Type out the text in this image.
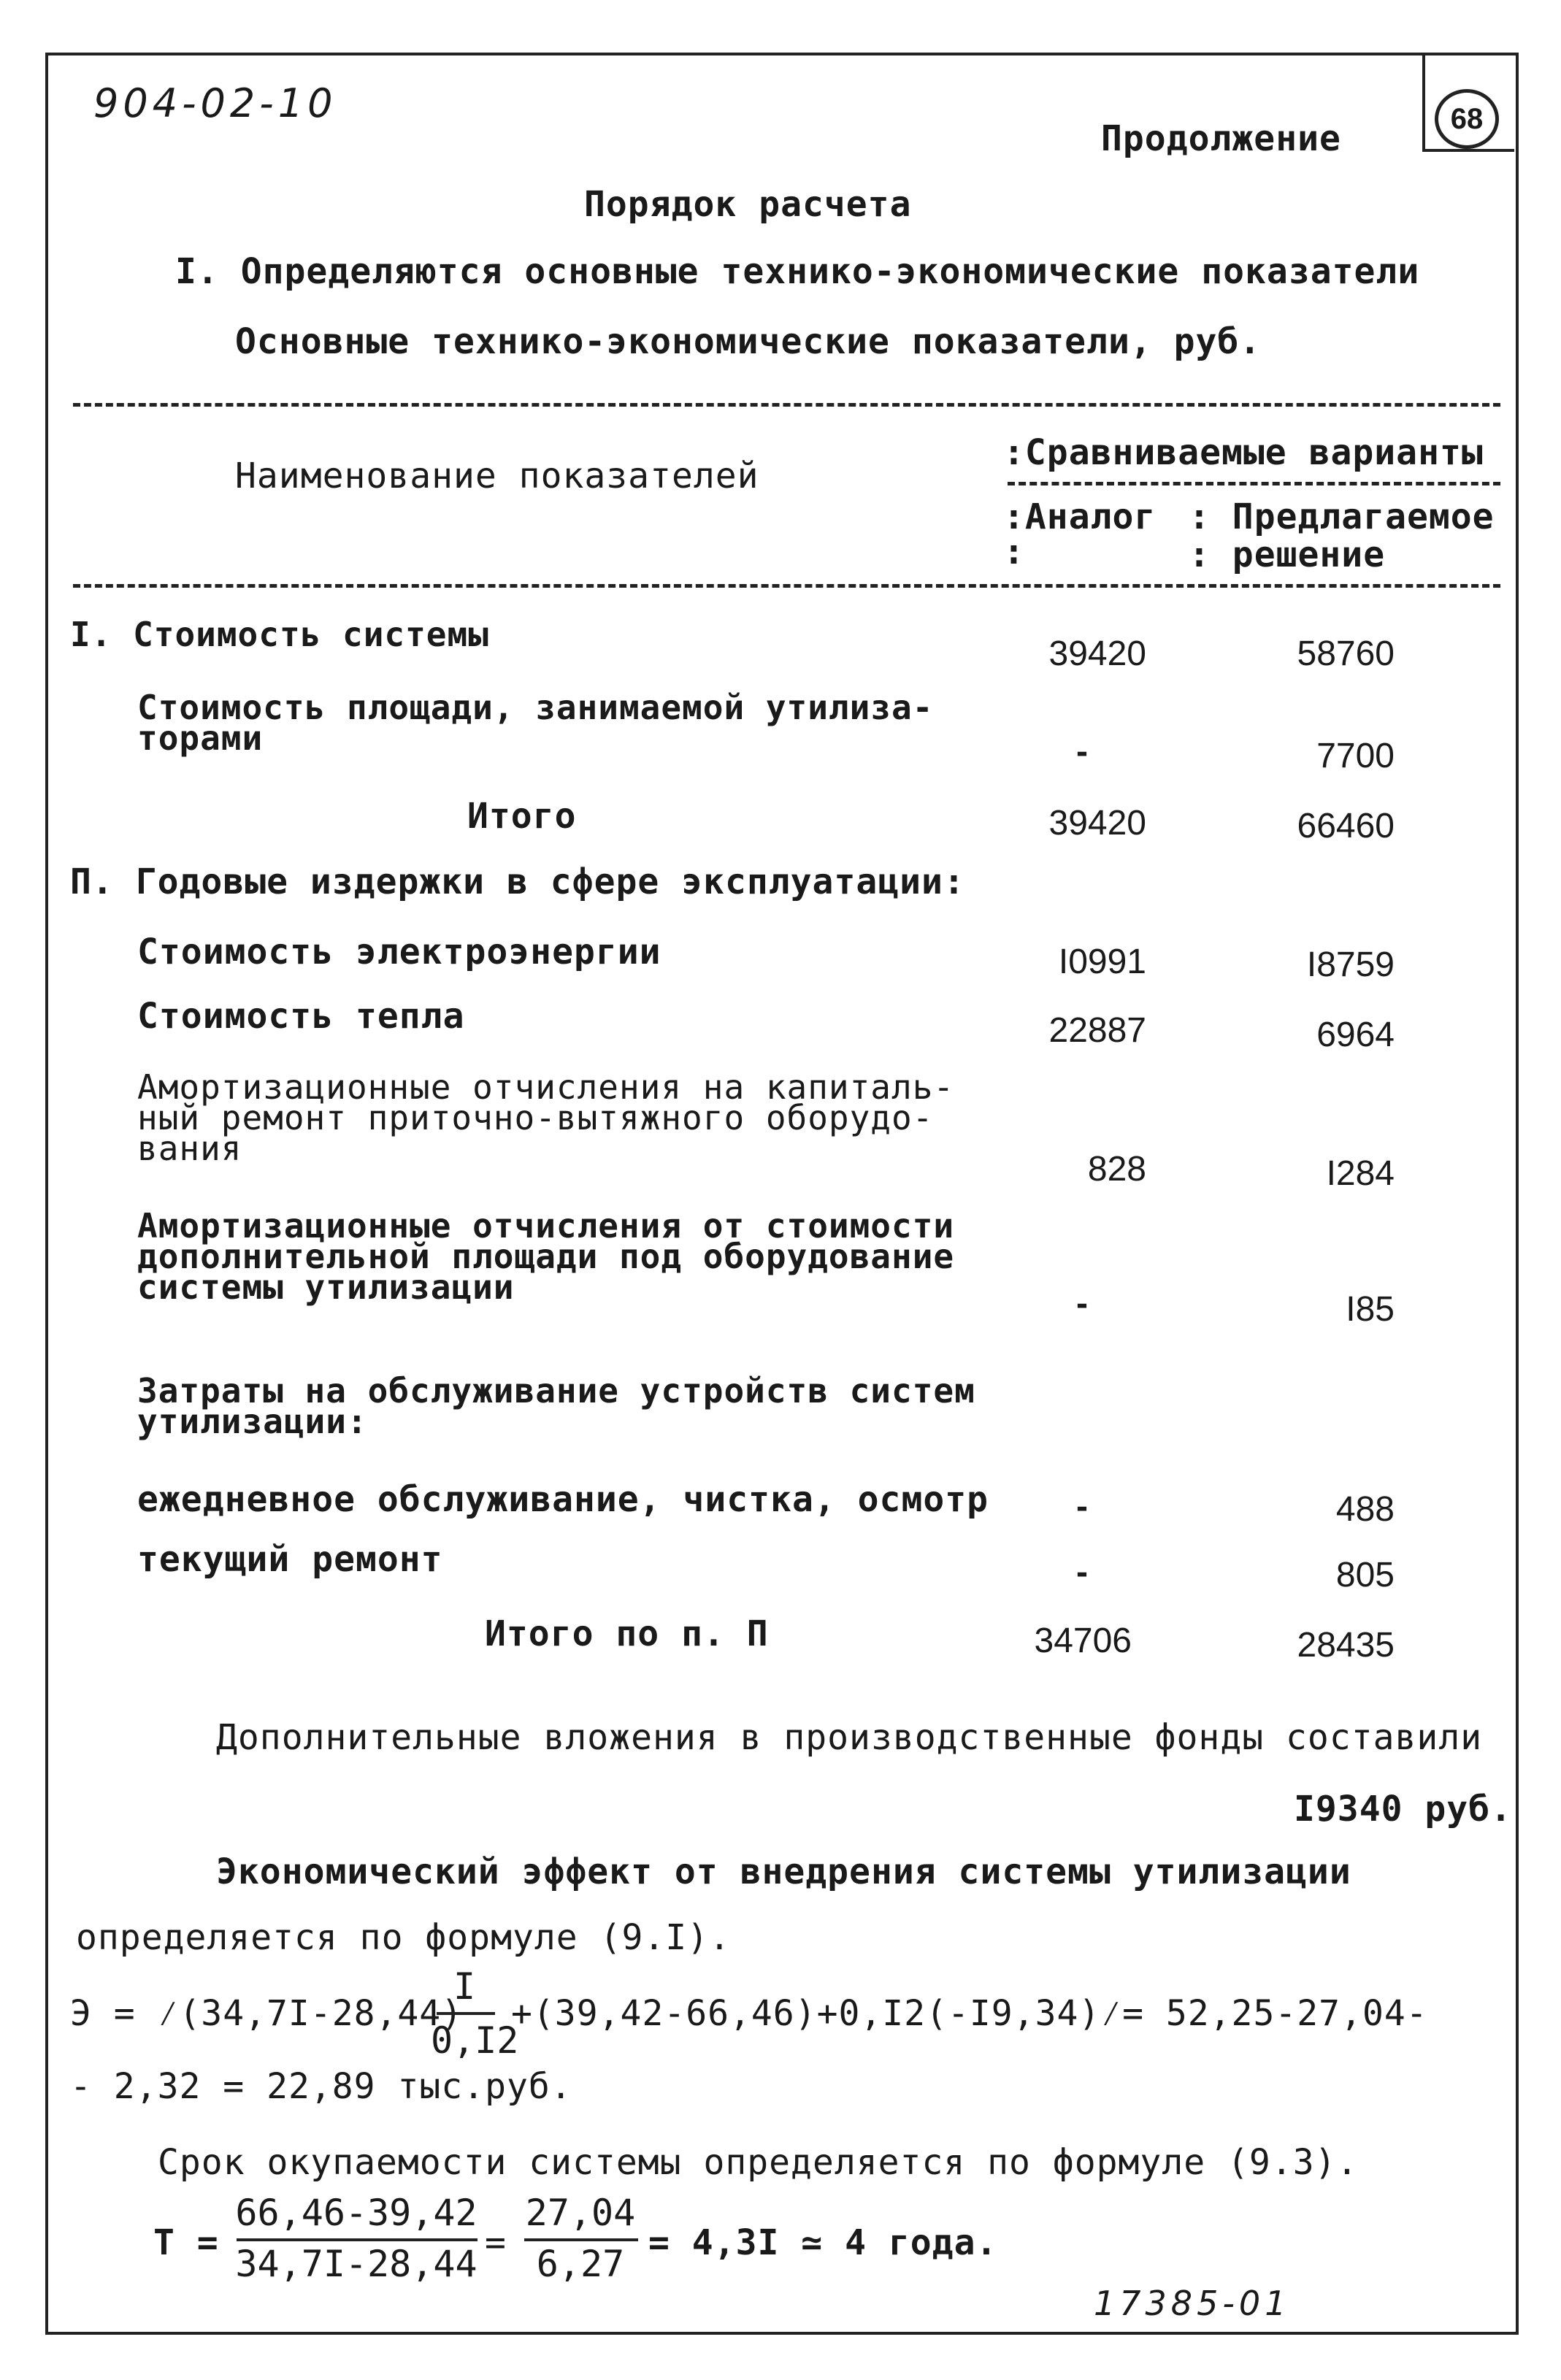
68
904-02-10
Продолжение
Порядок расчета
I. Определяются основные технико-экономические показатели
Основные технико-экономические показатели, руб.
Наименование показателей
:Сравниваемые варианты
:Аналог
:
: Предлагаемое
: решение
I. Стоимость системы	39420	58760
Стоимость площади, занимаемой утилиза-
торами	-	7700
Итого	39420	66460
П. Годовые издержки в сфере эксплуатации:
Стоимость электроэнергии	I0991	I8759
Стоимость тепла	22887	6964
Амортизационные отчисления на капиталь-
ный ремонт приточно-вытяжного оборудо-
вания
828	I284
Амортизационные отчисления от стоимости
дополнительной площади под оборудование
системы утилизации	-	I85
Затраты на обслуживание устройств систем
утилизации:
ежедневное обслуживание, чистка, осмотр	-	488
текущий ремонт	-	805
Итого по п. П	34706	28435
Дополнительные вложения в производственные фонды составили
I9340 руб.
Экономический эффект от внедрения системы утилизации
определяется по формуле (9.I).
Э = ⁄(34,7I-28,44)
I
0,I2
+(39,42-66,46)+0,I2(-I9,34)⁄= 52,25-27,04-
- 2,32 = 22,89 тыс.руб.
Срок окупаемости системы определяется по формуле (9.3).
Т =
66,46-39,42
34,7I-28,44 =
27,04
6,27 = 4,3I ≃ 4 года.
17385-01
